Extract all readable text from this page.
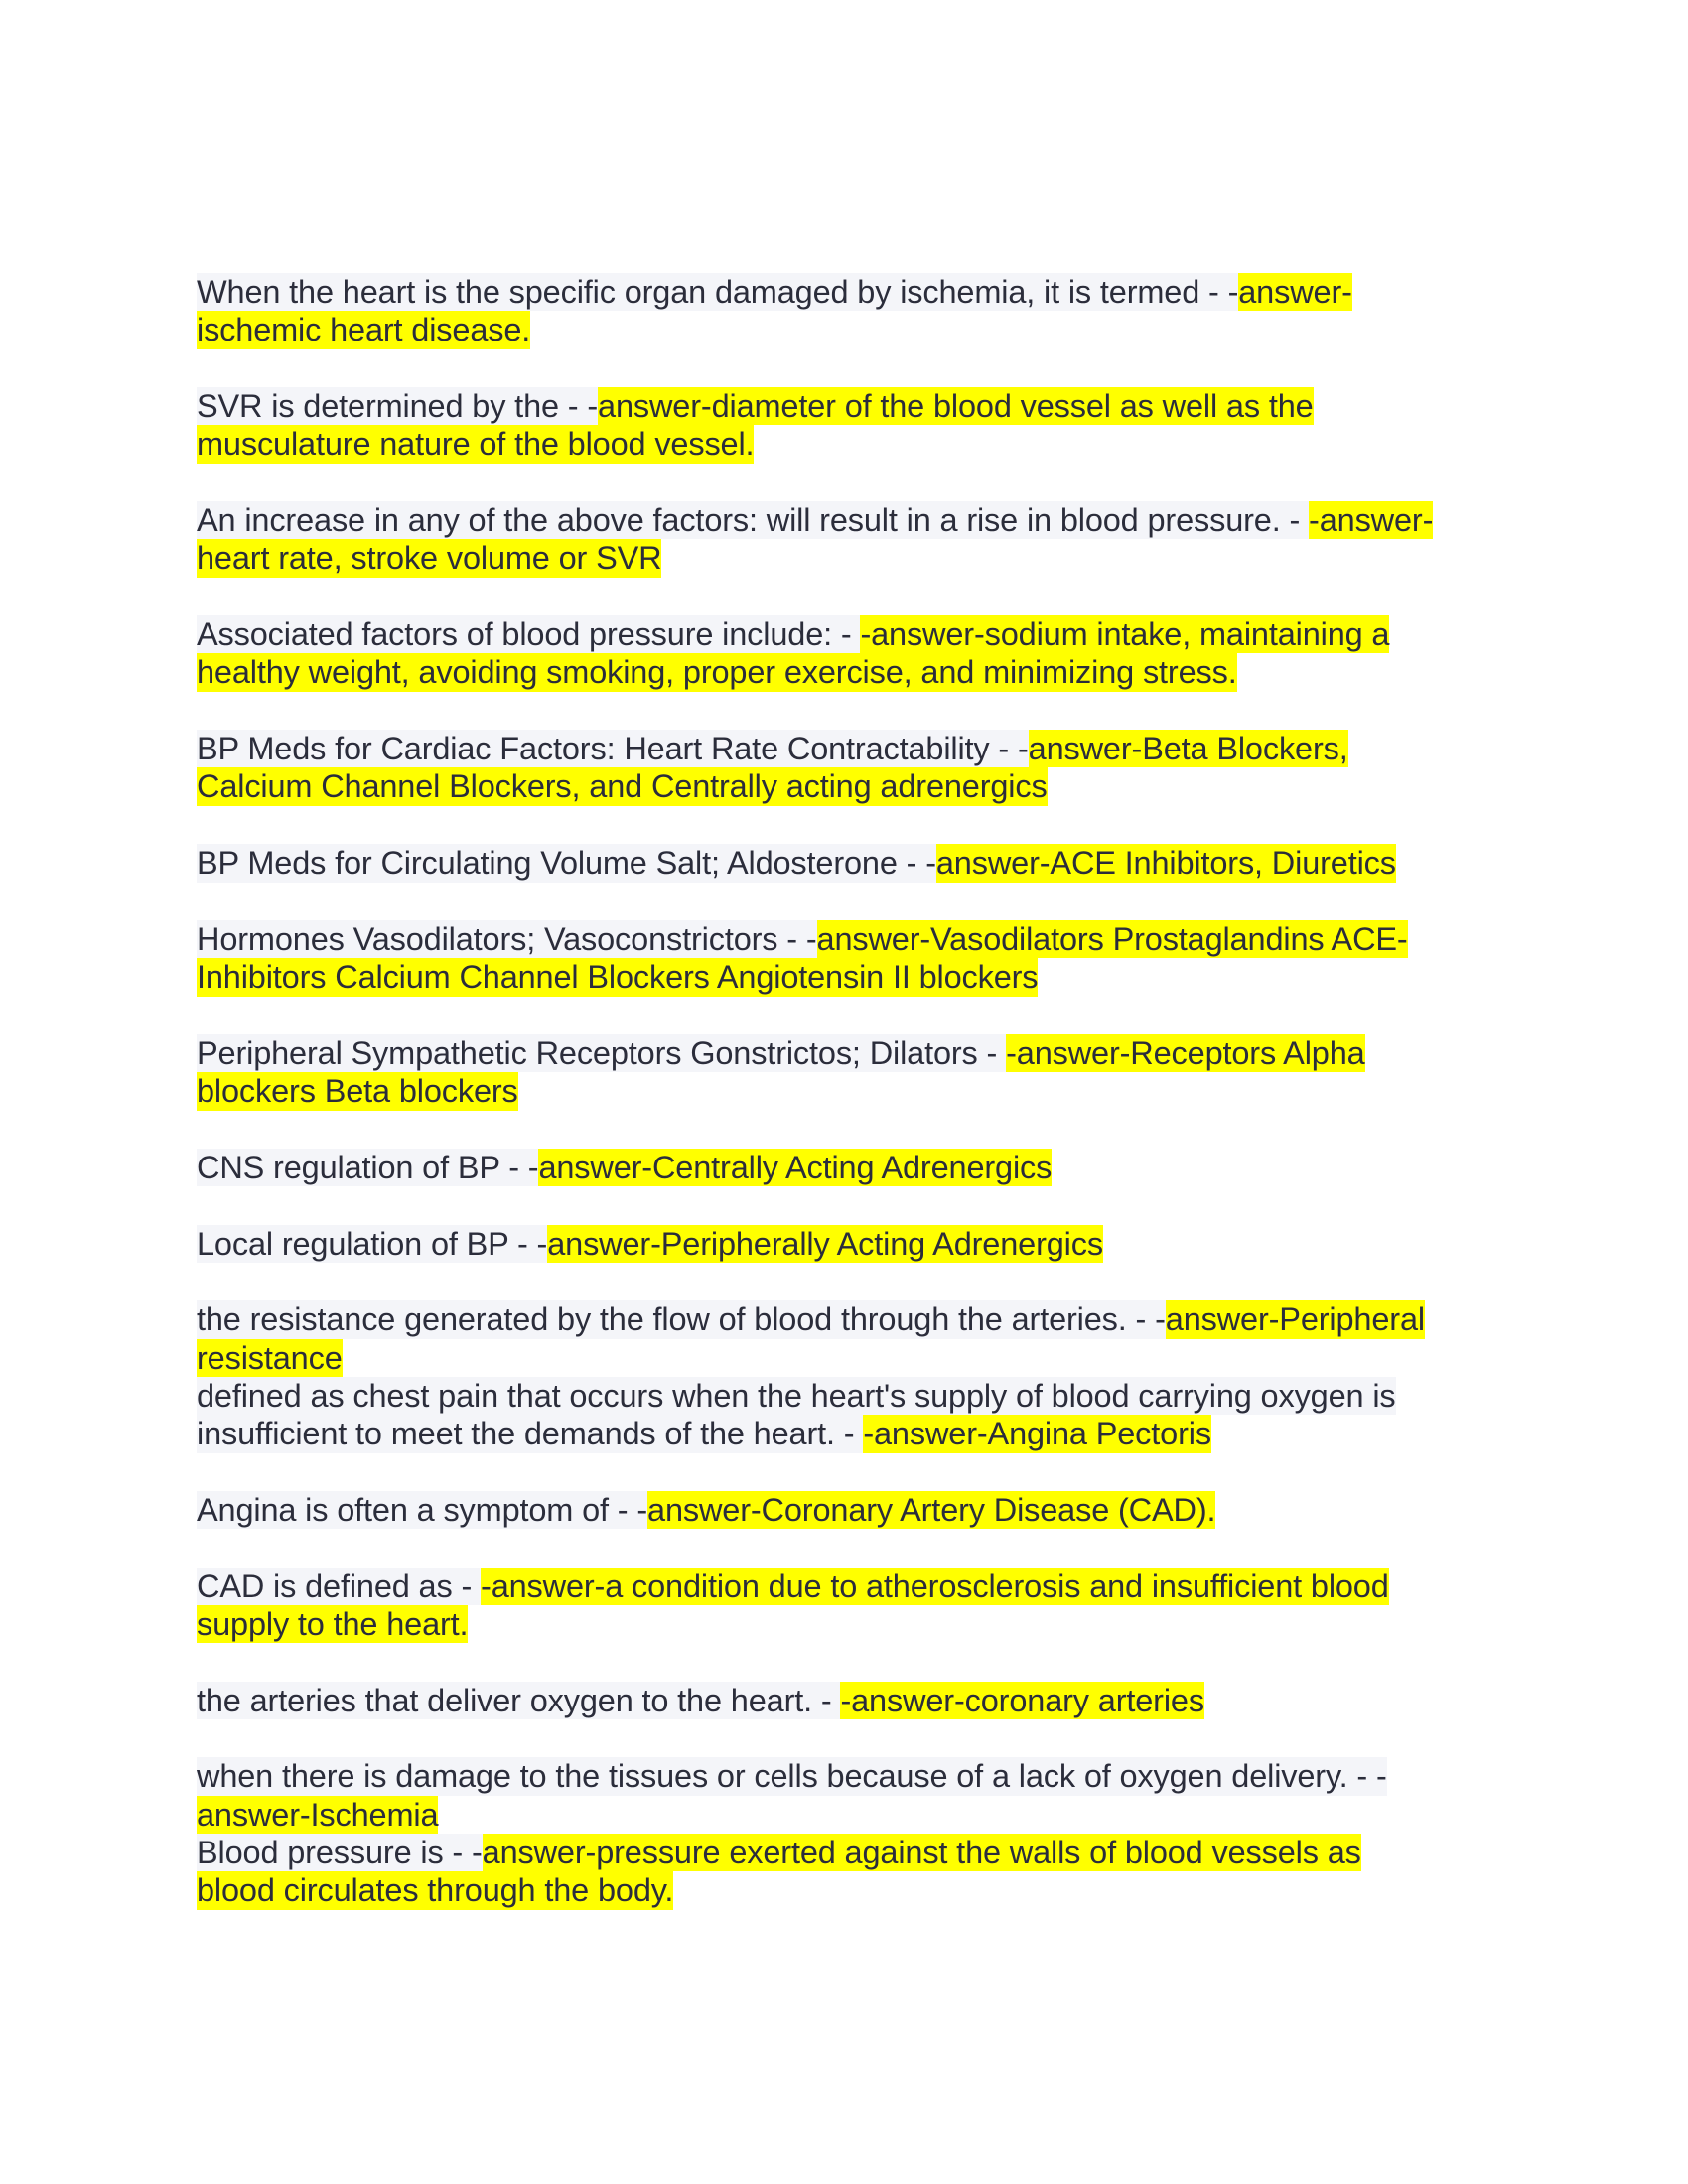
When the heart is the specific organ damaged by ischemia, it is termed - -answer-
ischemic heart disease.
SVR is determined by the - -answer-diameter of the blood vessel as well as the
musculature nature of the blood vessel.
An increase in any of the above factors: will result in a rise in blood pressure. - -answer-
heart rate, stroke volume or SVR
Associated factors of blood pressure include: - -answer-sodium intake, maintaining a
healthy weight, avoiding smoking, proper exercise, and minimizing stress.
BP Meds for Cardiac Factors: Heart Rate Contractability - -answer-Beta Blockers,
Calcium Channel Blockers, and Centrally acting adrenergics
BP Meds for Circulating Volume Salt; Aldosterone - -answer-ACE Inhibitors, Diuretics
Hormones Vasodilators; Vasoconstrictors - -answer-Vasodilators Prostaglandins ACE-
Inhibitors Calcium Channel Blockers Angiotensin II blockers
Peripheral Sympathetic Receptors Gonstrictos; Dilators - -answer-Receptors Alpha
blockers Beta blockers
CNS regulation of BP - -answer-Centrally Acting Adrenergics
Local regulation of BP - -answer-Peripherally Acting Adrenergics
the resistance generated by the flow of blood through the arteries. - -answer-Peripheral
resistance
defined as chest pain that occurs when the heart's supply of blood carrying oxygen is
insufficient to meet the demands of the heart. - -answer-Angina Pectoris
Angina is often a symptom of - -answer-Coronary Artery Disease (CAD).
CAD is defined as - -answer-a condition due to atherosclerosis and insufficient blood
supply to the heart.
the arteries that deliver oxygen to the heart. - -answer-coronary arteries
when there is damage to the tissues or cells because of a lack of oxygen delivery. - -
answer-Ischemia
Blood pressure is - -answer-pressure exerted against the walls of blood vessels as
blood circulates through the body.
